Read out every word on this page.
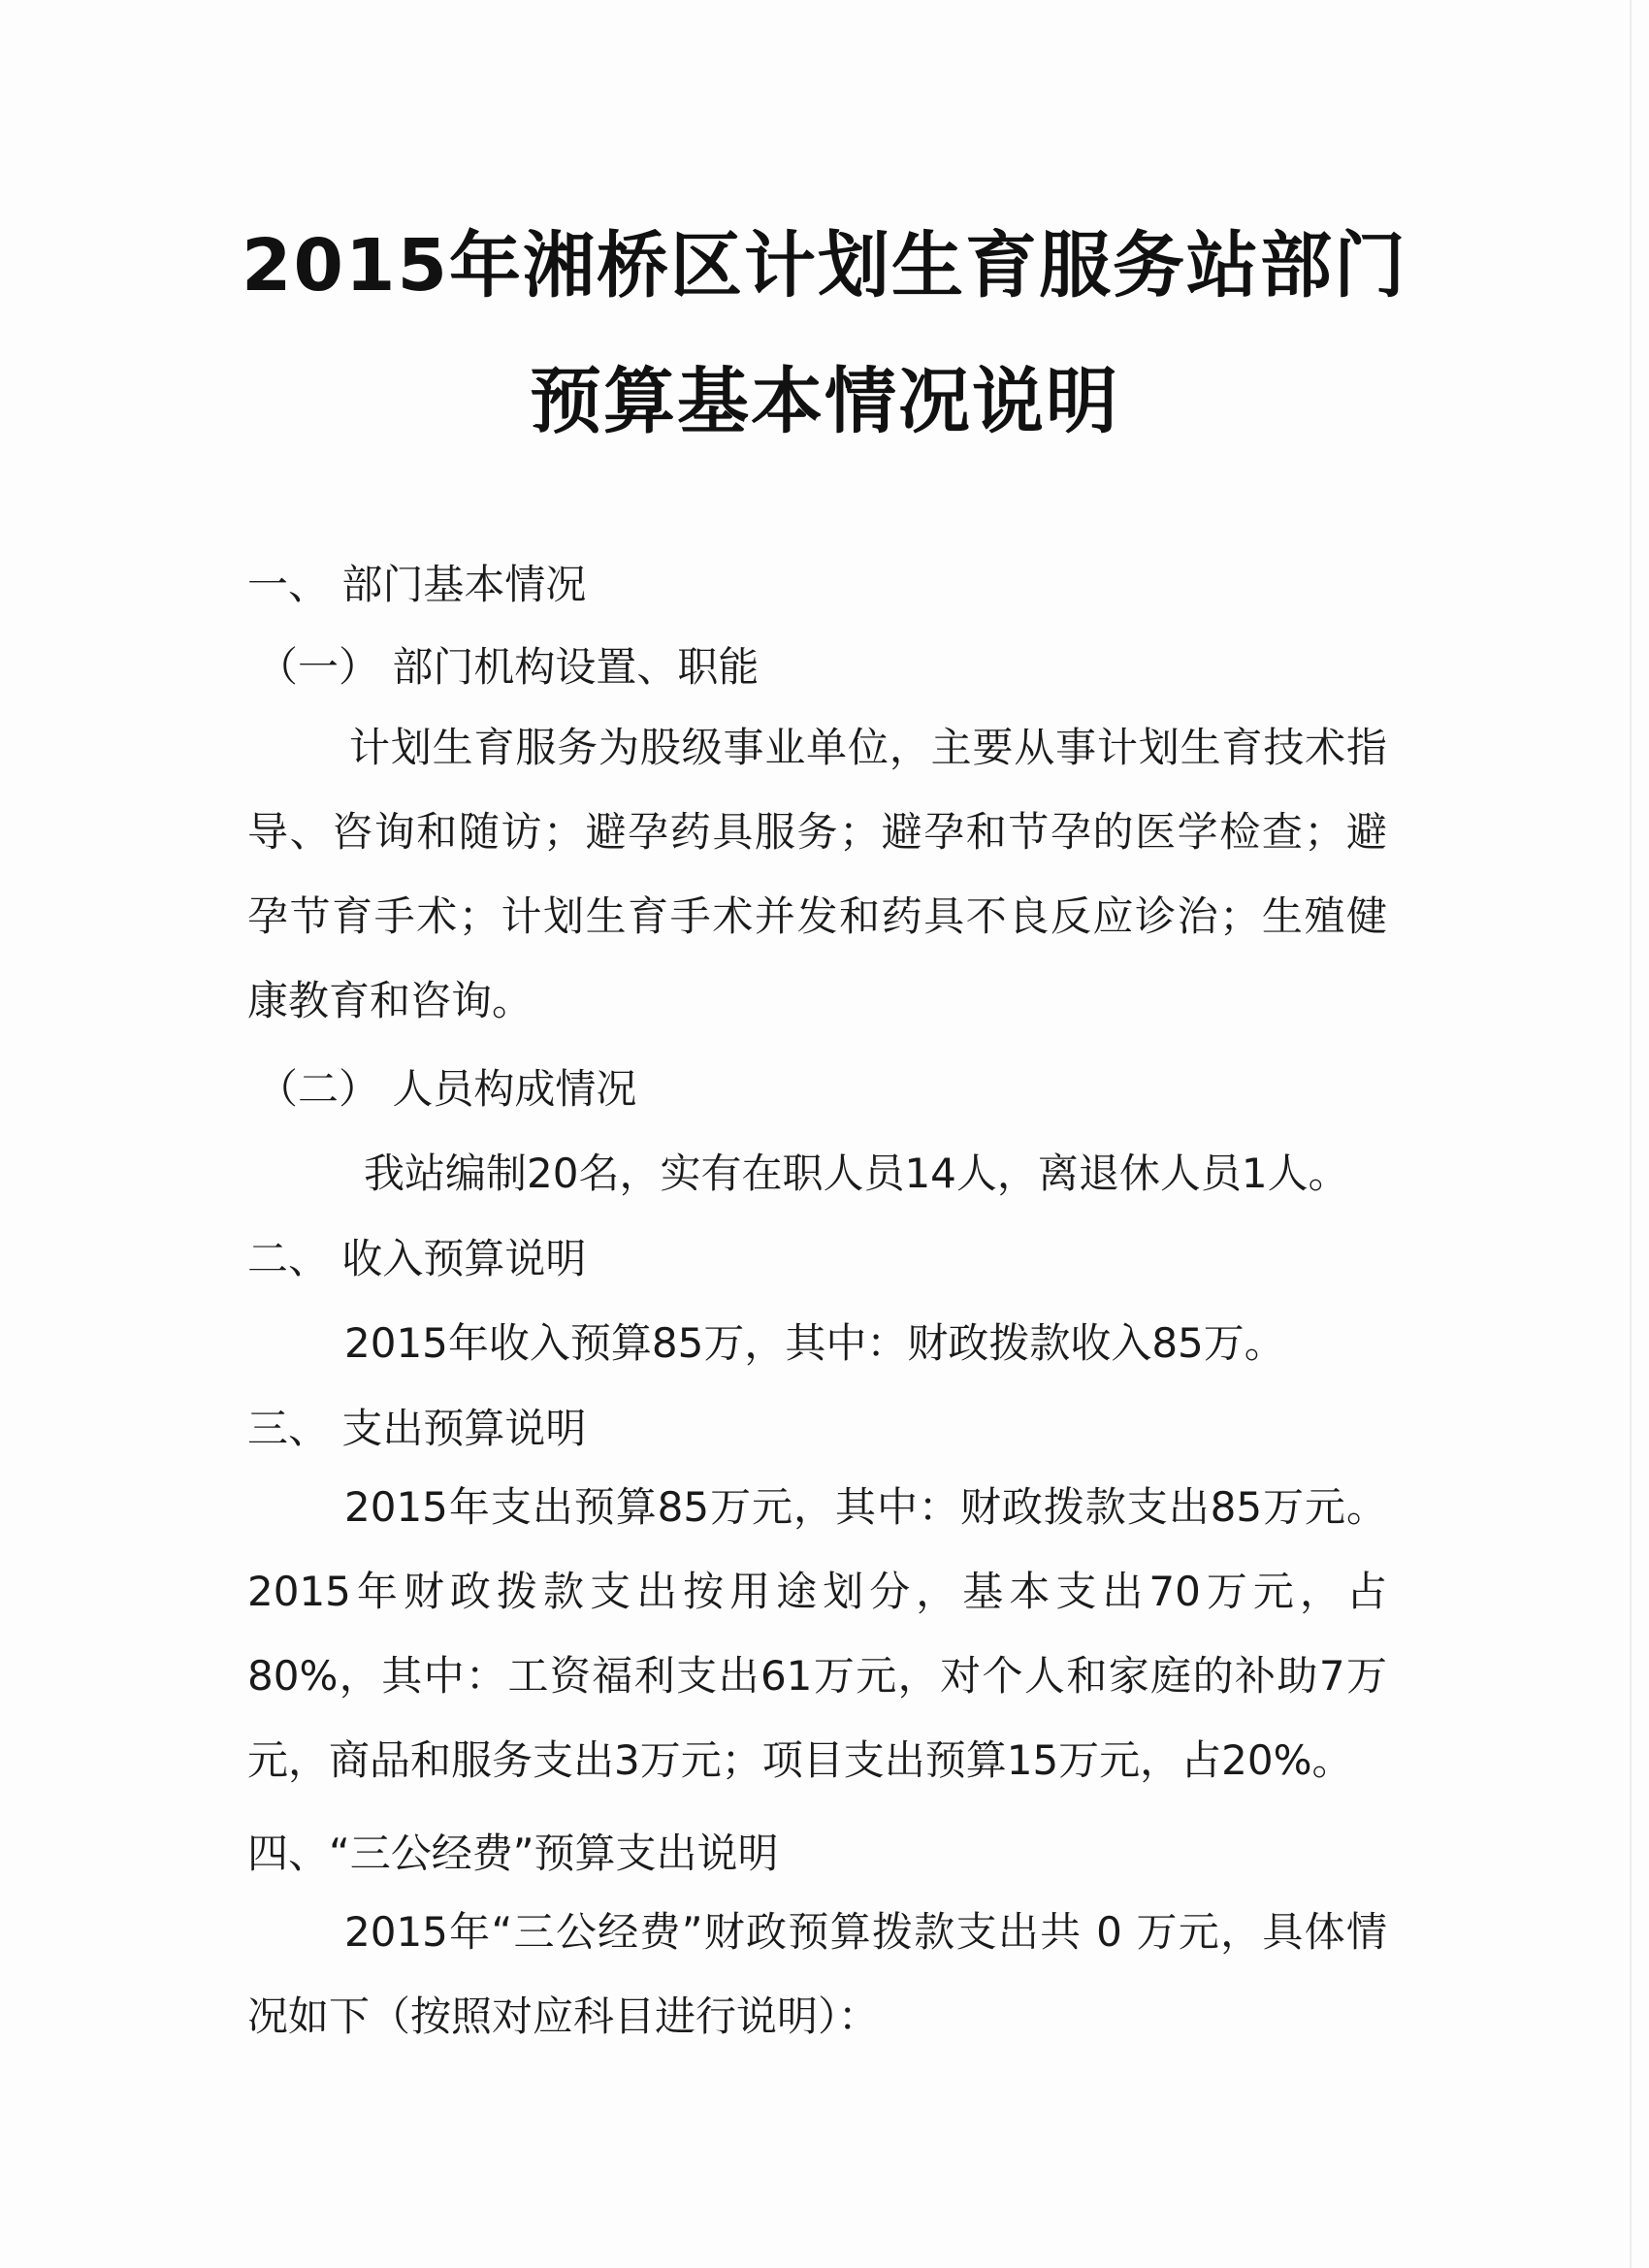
2015年湘桥区计划生育服务站部门
预算基本情况说明
一、 部门基本情况
（一） 部门机构设置、职能
计划生育服务为股级事业单位，主要从事计划生育技术指导、咨询和随访；避孕药具服务；避孕和节孕的医学检查；避孕节育手术；计划生育手术并发和药具不良反应诊治；生殖健康教育和咨询。
（二） 人员构成情况
我站编制20名，实有在职人员14人，离退休人员1人。
二、 收入预算说明
2015年收入预算85万，其中：财政拨款收入85万。
三、 支出预算说明
2015年支出预算85万元，其中：财政拨款支出85万元。2015年财政拨款支出按用途划分，基本支出70万元，占80%，其中：工资福利支出61万元，对个人和家庭的补助7万元，商品和服务支出3万元；项目支出预算15万元，占20%。
四、“三公经费”预算支出说明
2015年“三公经费”财政预算拨款支出共 0 万元，具体情况如下（按照对应科目进行说明）：
